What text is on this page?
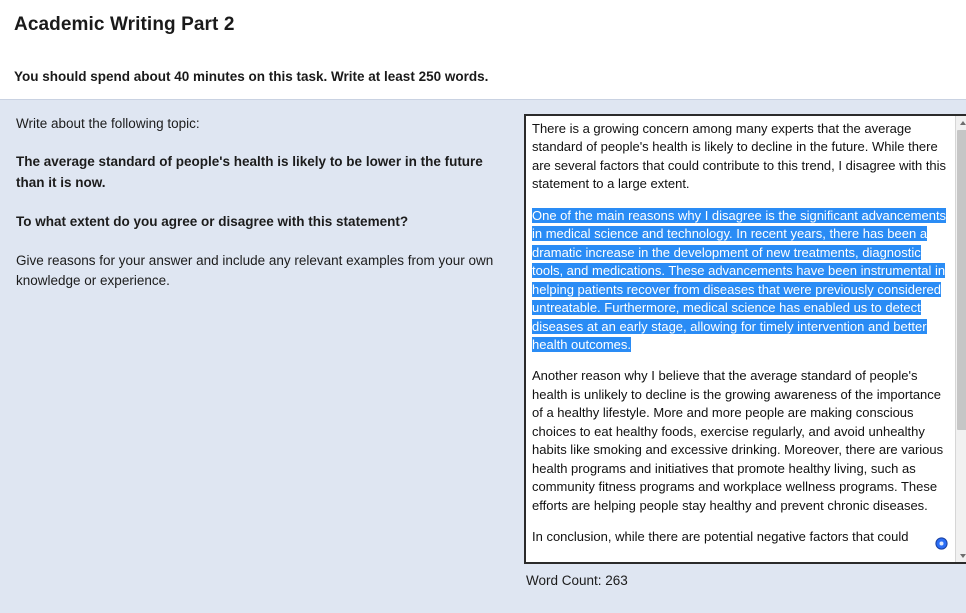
Academic Writing Part 2
You should spend about 40 minutes on this task. Write at least 250 words.

Write about the following topic:

The average standard of people's health is likely to be lower in the future than it is now.

To what extent do you agree or disagree with this statement?

Give reasons for your answer and include any relevant examples from your own knowledge or experience.

There is a growing concern among many experts that the average standard of people's health is likely to decline in the future. While there are several factors that could contribute to this trend, I disagree with this statement to a large extent.

One of the main reasons why I disagree is the significant advancements in medical science and technology. In recent years, there has been a dramatic increase in the development of new treatments, diagnostic tools, and medications. These advancements have been instrumental in helping patients recover from diseases that were previously considered untreatable. Furthermore, medical science has enabled us to detect diseases at an early stage, allowing for timely intervention and better health outcomes.

Another reason why I believe that the average standard of people's health is unlikely to decline is the growing awareness of the importance of a healthy lifestyle. More and more people are making conscious choices to eat healthy foods, exercise regularly, and avoid unhealthy habits like smoking and excessive drinking. Moreover, there are various health programs and initiatives that promote healthy living, such as community fitness programs and workplace wellness programs. These efforts are helping people stay healthy and prevent chronic diseases.

In conclusion, while there are potential negative factors that could

Word Count: 263
